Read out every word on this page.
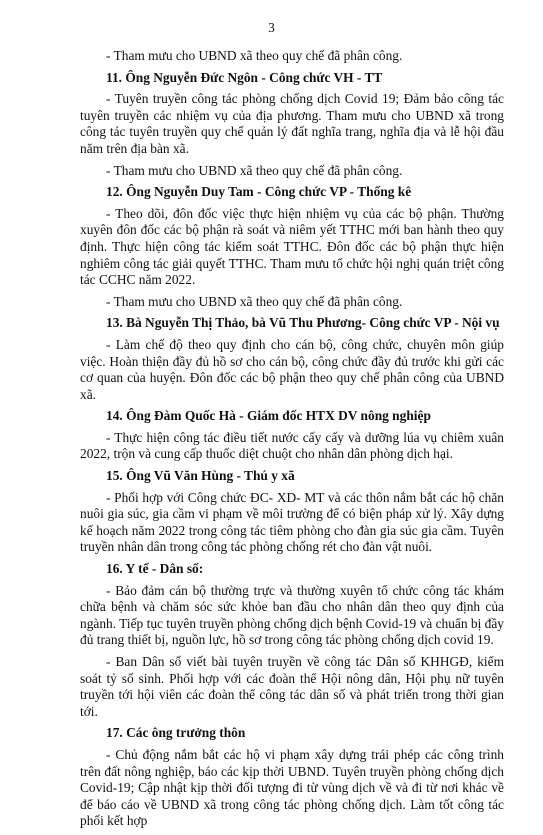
3

- Tham mưu cho UBND xã theo quy chế đã phân công.

11. Ông Nguyễn Đức Ngôn - Công chức VH - TT

- Tuyên truyền công tác phòng chống dịch Covid 19; Đảm bảo công tác tuyên truyền các nhiệm vụ của địa phương. Tham mưu cho UBND xã trong công tác tuyên truyền quy chế quản lý đất nghĩa trang, nghĩa địa và lễ hội đầu năm trên địa bàn xã.

- Tham mưu cho UBND xã theo quy chế đã phân công.

12. Ông Nguyễn Duy Tam - Công chức VP - Thống kê

- Theo dõi, đôn đốc việc thực hiện nhiệm vụ của các bộ phận. Thường xuyên đôn đốc các bộ phận rà soát và niêm yết TTHC mới ban hành theo quy định. Thực hiện công tác kiểm soát TTHC. Đôn đốc các bộ phận thực hiện nghiêm công tác giải quyết TTHC. Tham mưu tổ chức hội nghị quán triệt công tác CCHC năm 2022.

- Tham mưu cho UBND xã theo quy chế đã phân công.

13. Bà Nguyễn Thị Thảo, bà Vũ Thu Phương- Công chức VP - Nội vụ

- Làm chế độ theo quy định cho cán bộ, công chức, chuyên môn giúp việc. Hoàn thiện đầy đủ hồ sơ cho cán bộ, công chức đầy đủ trước khi gửi các cơ quan của huyện. Đôn đốc các bộ phận theo quy chế phân công của UBND xã.

14. Ông Đàm Quốc Hà - Giám đốc HTX DV nông nghiệp

- Thực hiện công tác điều tiết nước cấy cấy và dưỡng lúa vụ chiêm xuân 2022, trộn và cung cấp thuốc diệt chuột cho nhân dân phòng dịch hại.

15. Ông Vũ Văn Hùng - Thú y xã

- Phối hợp với Công chức ĐC- XD- MT và các thôn nắm bắt các hộ chăn nuôi gia súc, gia cầm vi phạm về môi trường để có biện pháp xử lý. Xây dựng kế hoạch năm 2022 trong công tác tiêm phòng cho đàn gia súc gia cầm. Tuyên truyền nhân dân trong công tác phòng chống rét cho đàn vật nuôi.

16. Y tế - Dân số:

- Bảo đảm cán bộ thường trực và thường xuyên tổ chức công tác khám chữa bệnh và chăm sóc sức khỏe ban đầu cho nhân dân theo quy định của ngành. Tiếp tục tuyên truyền phòng chống dịch bệnh Covid-19 và chuẩn bị đầy đủ trang thiết bị, nguồn lực, hồ sơ trong công tác phòng chống dịch covid 19.

- Ban Dân số viết bài tuyên truyền về công tác Dân số KHHGĐ, kiểm soát tỷ số sinh. Phối hợp với các đoàn thể Hội nông dân, Hội phụ nữ tuyên truyền tới hội viên các đoàn thể công tác dân số và phát triển trong thời gian tới.

17. Các ông trưởng thôn

- Chủ động nắm bắt các hộ vi phạm xây dựng trái phép các công trình trên đất nông nghiệp, báo các kịp thời UBND. Tuyên truyền phòng chống dịch Covid-19; Cập nhật kịp thời đối tượng đi từ vùng dịch về và đi từ nơi khác về để báo cáo về UBND xã trong công tác phòng chống dịch. Làm tốt công tác phối kết hợp
